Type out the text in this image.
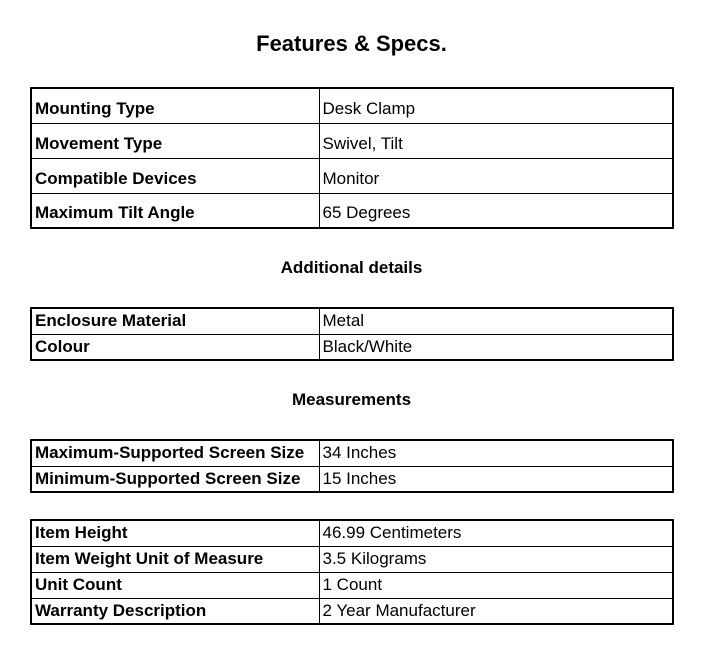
Features & Specs.
Mounting Type	Desk Clamp
Movement Type	Swivel, Tilt
Compatible Devices	Monitor
Maximum Tilt Angle	65 Degrees
Additional details
Enclosure Material	Metal
Colour	Black/White
Measurements
Maximum-Supported Screen Size	34 Inches
Minimum-Supported Screen Size	15 Inches
Item Height	46.99 Centimeters
Item Weight Unit of Measure	3.5 Kilograms
Unit Count	1 Count
Warranty Description	2 Year Manufacturer
